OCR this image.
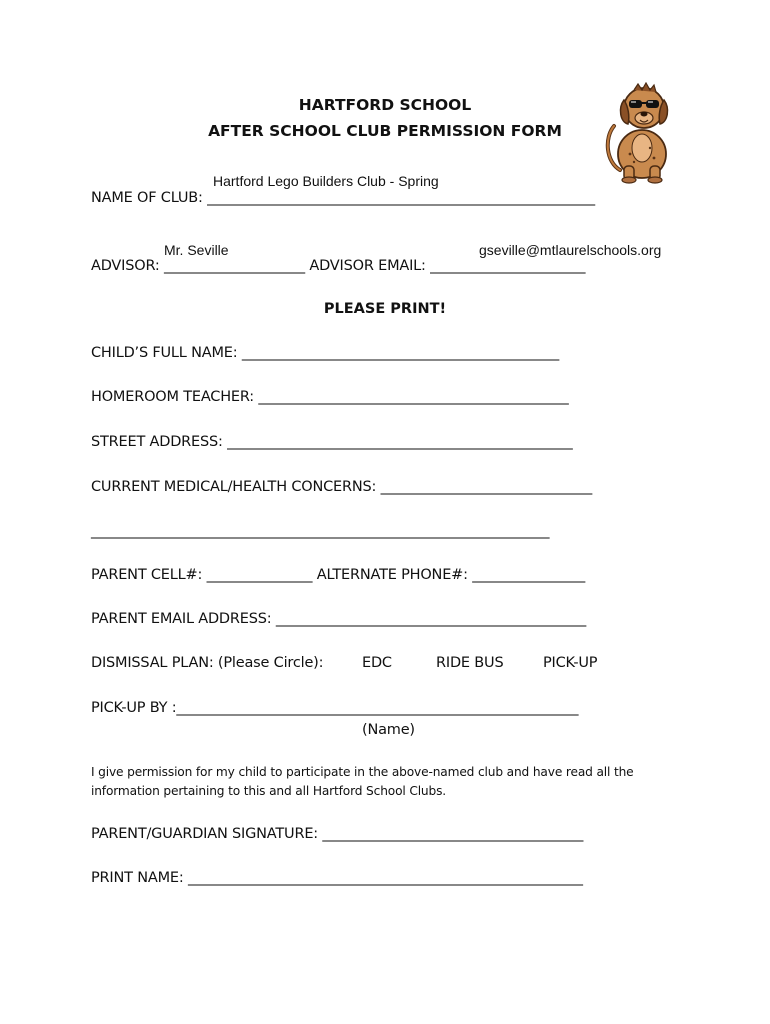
HARTFORD SCHOOL
AFTER SCHOOL CLUB PERMISSION FORM
Hartford Lego Builders Club - Spring
NAME OF CLUB: _______________________________________________________
Mr. Seville	gseville@mtlaurelschools.org
ADVISOR: ____________________ ADVISOR EMAIL: ______________________
PLEASE PRINT!
CHILD’S FULL NAME: _____________________________________________
HOMEROOM TEACHER: ____________________________________________
STREET ADDRESS: _________________________________________________
CURRENT MEDICAL/HEALTH CONCERNS: ______________________________
_________________________________________________________________
PARENT CELL#: _______________ ALTERNATE PHONE#: ________________
PARENT EMAIL ADDRESS: ____________________________________________
DISMISSAL PLAN: (Please Circle):	EDC	RIDE BUS	PICK-UP
PICK-UP BY :_________________________________________________________
(Name)
I give permission for my child to participate in the above-named club and have read all the
information pertaining to this and all Hartford School Clubs.
PARENT/GUARDIAN SIGNATURE: _____________________________________
PRINT NAME: ________________________________________________________
